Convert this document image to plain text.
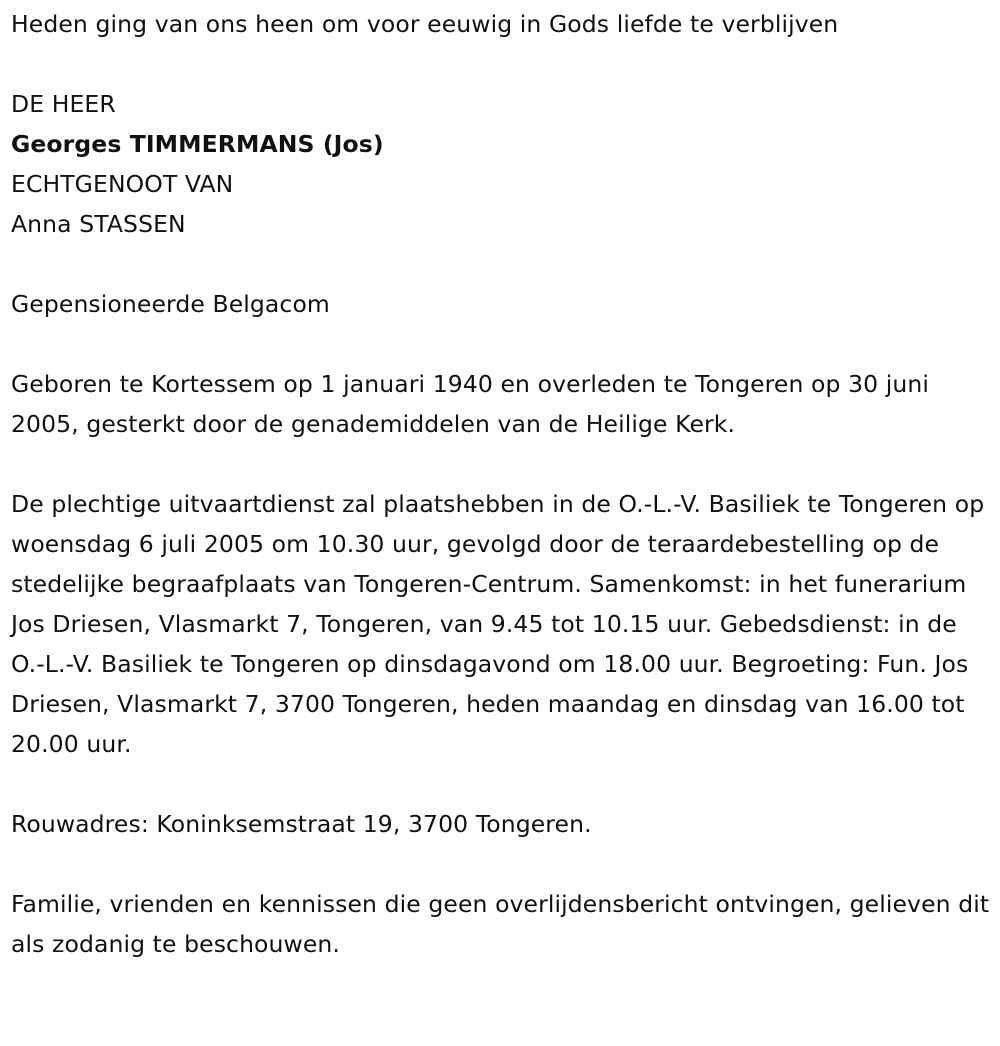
Heden ging van ons heen om voor eeuwig in Gods liefde te verblijven

DE HEER

Georges TIMMERMANS (Jos)

ECHTGENOOT VAN

Anna STASSEN

Gepensioneerde Belgacom

Geboren te Kortessem op 1 januari 1940 en overleden te Tongeren op 30 juni 2005, gesterkt door de genademiddelen van de Heilige Kerk.

De plechtige uitvaartdienst zal plaatshebben in de O.-L.-V. Basiliek te Tongeren op woensdag 6 juli 2005 om 10.30 uur, gevolgd door de teraardebestelling op de stedelijke begraafplaats van Tongeren-Centrum. Samenkomst: in het funerarium Jos Driesen, Vlasmarkt 7, Tongeren, van 9.45 tot 10.15 uur. Gebedsdienst: in de O.-L.-V. Basiliek te Tongeren op dinsdagavond om 18.00 uur. Begroeting: Fun. Jos Driesen, Vlasmarkt 7, 3700 Tongeren, heden maandag en dinsdag van 16.00 tot 20.00 uur.

Rouwadres: Koninksemstraat 19, 3700 Tongeren.

Familie, vrienden en kennissen die geen overlijdensbericht ontvingen, gelieven dit als zodanig te beschouwen.
